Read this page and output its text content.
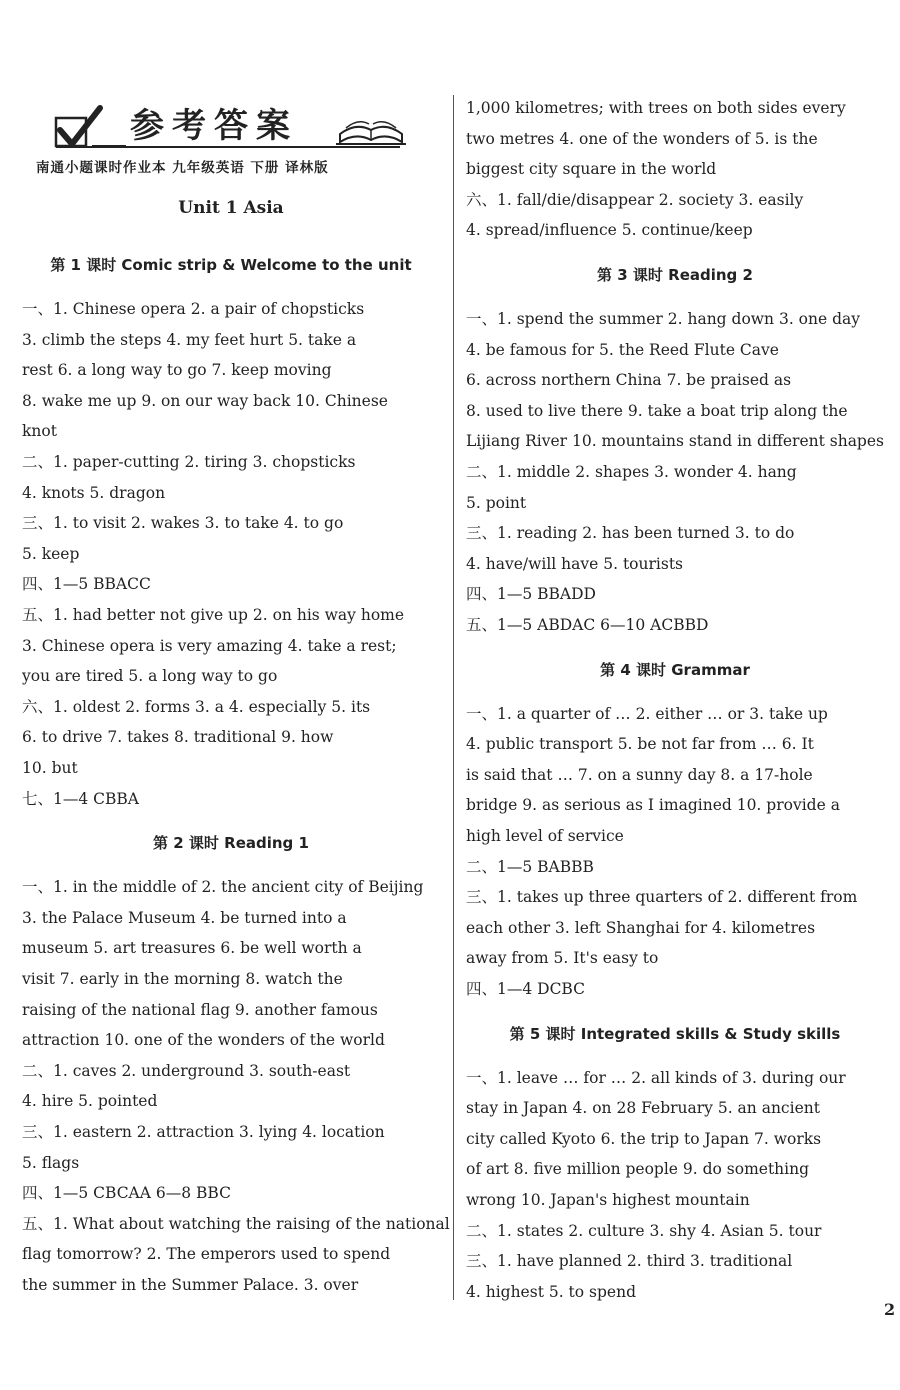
参考答案
南通小题课时作业本 九年级英语 下册 译林版
Unit 1 Asia
第 1 课时 Comic strip & Welcome to the unit
一、1. Chinese opera 2. a pair of chopsticks
3. climb the steps 4. my feet hurt 5. take a
rest 6. a long way to go 7. keep moving
8. wake me up 9. on our way back 10. Chinese
knot
二、1. paper-cutting 2. tiring 3. chopsticks
4. knots 5. dragon
三、1. to visit 2. wakes 3. to take 4. to go
5. keep
四、1—5 BBACC
五、1. had better not give up 2. on his way home
3. Chinese opera is very amazing 4. take a rest;
you are tired 5. a long way to go
六、1. oldest 2. forms 3. a 4. especially 5. its
6. to drive 7. takes 8. traditional 9. how
10. but
七、1—4 CBBA
第 2 课时 Reading 1
一、1. in the middle of 2. the ancient city of Beijing
3. the Palace Museum 4. be turned into a
museum 5. art treasures 6. be well worth a
visit 7. early in the morning 8. watch the
raising of the national flag 9. another famous
attraction 10. one of the wonders of the world
二、1. caves 2. underground 3. south-east
4. hire 5. pointed
三、1. eastern 2. attraction 3. lying 4. location
5. flags
四、1—5 CBCAA 6—8 BBC
五、1. What about watching the raising of the national
flag tomorrow? 2. The emperors used to spend
the summer in the Summer Palace. 3. over
1,000 kilometres; with trees on both sides every
two metres 4. one of the wonders of 5. is the
biggest city square in the world
六、1. fall/die/disappear 2. society 3. easily
4. spread/influence 5. continue/keep
第 3 课时 Reading 2
一、1. spend the summer 2. hang down 3. one day
4. be famous for 5. the Reed Flute Cave
6. across northern China 7. be praised as
8. used to live there 9. take a boat trip along the
Lijiang River 10. mountains stand in different shapes
二、1. middle 2. shapes 3. wonder 4. hang
5. point
三、1. reading 2. has been turned 3. to do
4. have/will have 5. tourists
四、1—5 BBADD
五、1—5 ABDAC 6—10 ACBBD
第 4 课时 Grammar
一、1. a quarter of … 2. either … or 3. take up
4. public transport 5. be not far from … 6. It
is said that … 7. on a sunny day 8. a 17-hole
bridge 9. as serious as I imagined 10. provide a
high level of service
二、1—5 BABBB
三、1. takes up three quarters of 2. different from
each other 3. left Shanghai for 4. kilometres
away from 5. It's easy to
四、1—4 DCBC
第 5 课时 Integrated skills & Study skills
一、1. leave … for … 2. all kinds of 3. during our
stay in Japan 4. on 28 February 5. an ancient
city called Kyoto 6. the trip to Japan 7. works
of art 8. five million people 9. do something
wrong 10. Japan's highest mountain
二、1. states 2. culture 3. shy 4. Asian 5. tour
三、1. have planned 2. third 3. traditional
4. highest 5. to spend
2
